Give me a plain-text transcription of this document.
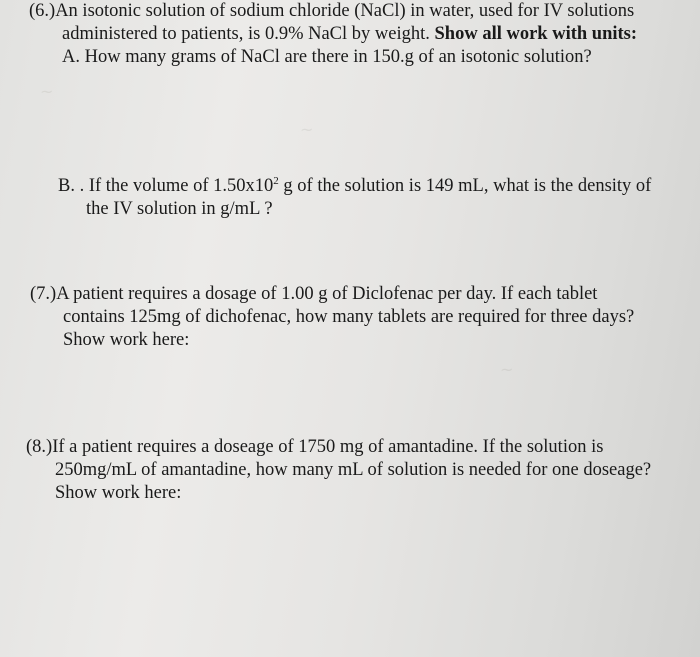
~
~
~
(6.)An isotonic solution of sodium chloride (NaCl) in water, used for IV solutions
administered to patients, is 0.9% NaCl by weight. Show all work with units:
A. How many grams of NaCl are there in 150.g of an isotonic solution?
B. . If the volume of $1.50x10^2$ g of the solution is 149 mL, what is the density of
the IV solution in g/mL ?
(7.)A patient requires a dosage of 1.00 g of Diclofenac per day. If each tablet
contains 125mg of dichofenac, how many tablets are required for three days?
Show work here:
(8.)If a patient requires a doseage of 1750 mg of amantadine. If the solution is
250mg/mL of amantadine, how many mL of solution is needed for one doseage?
Show work here:
